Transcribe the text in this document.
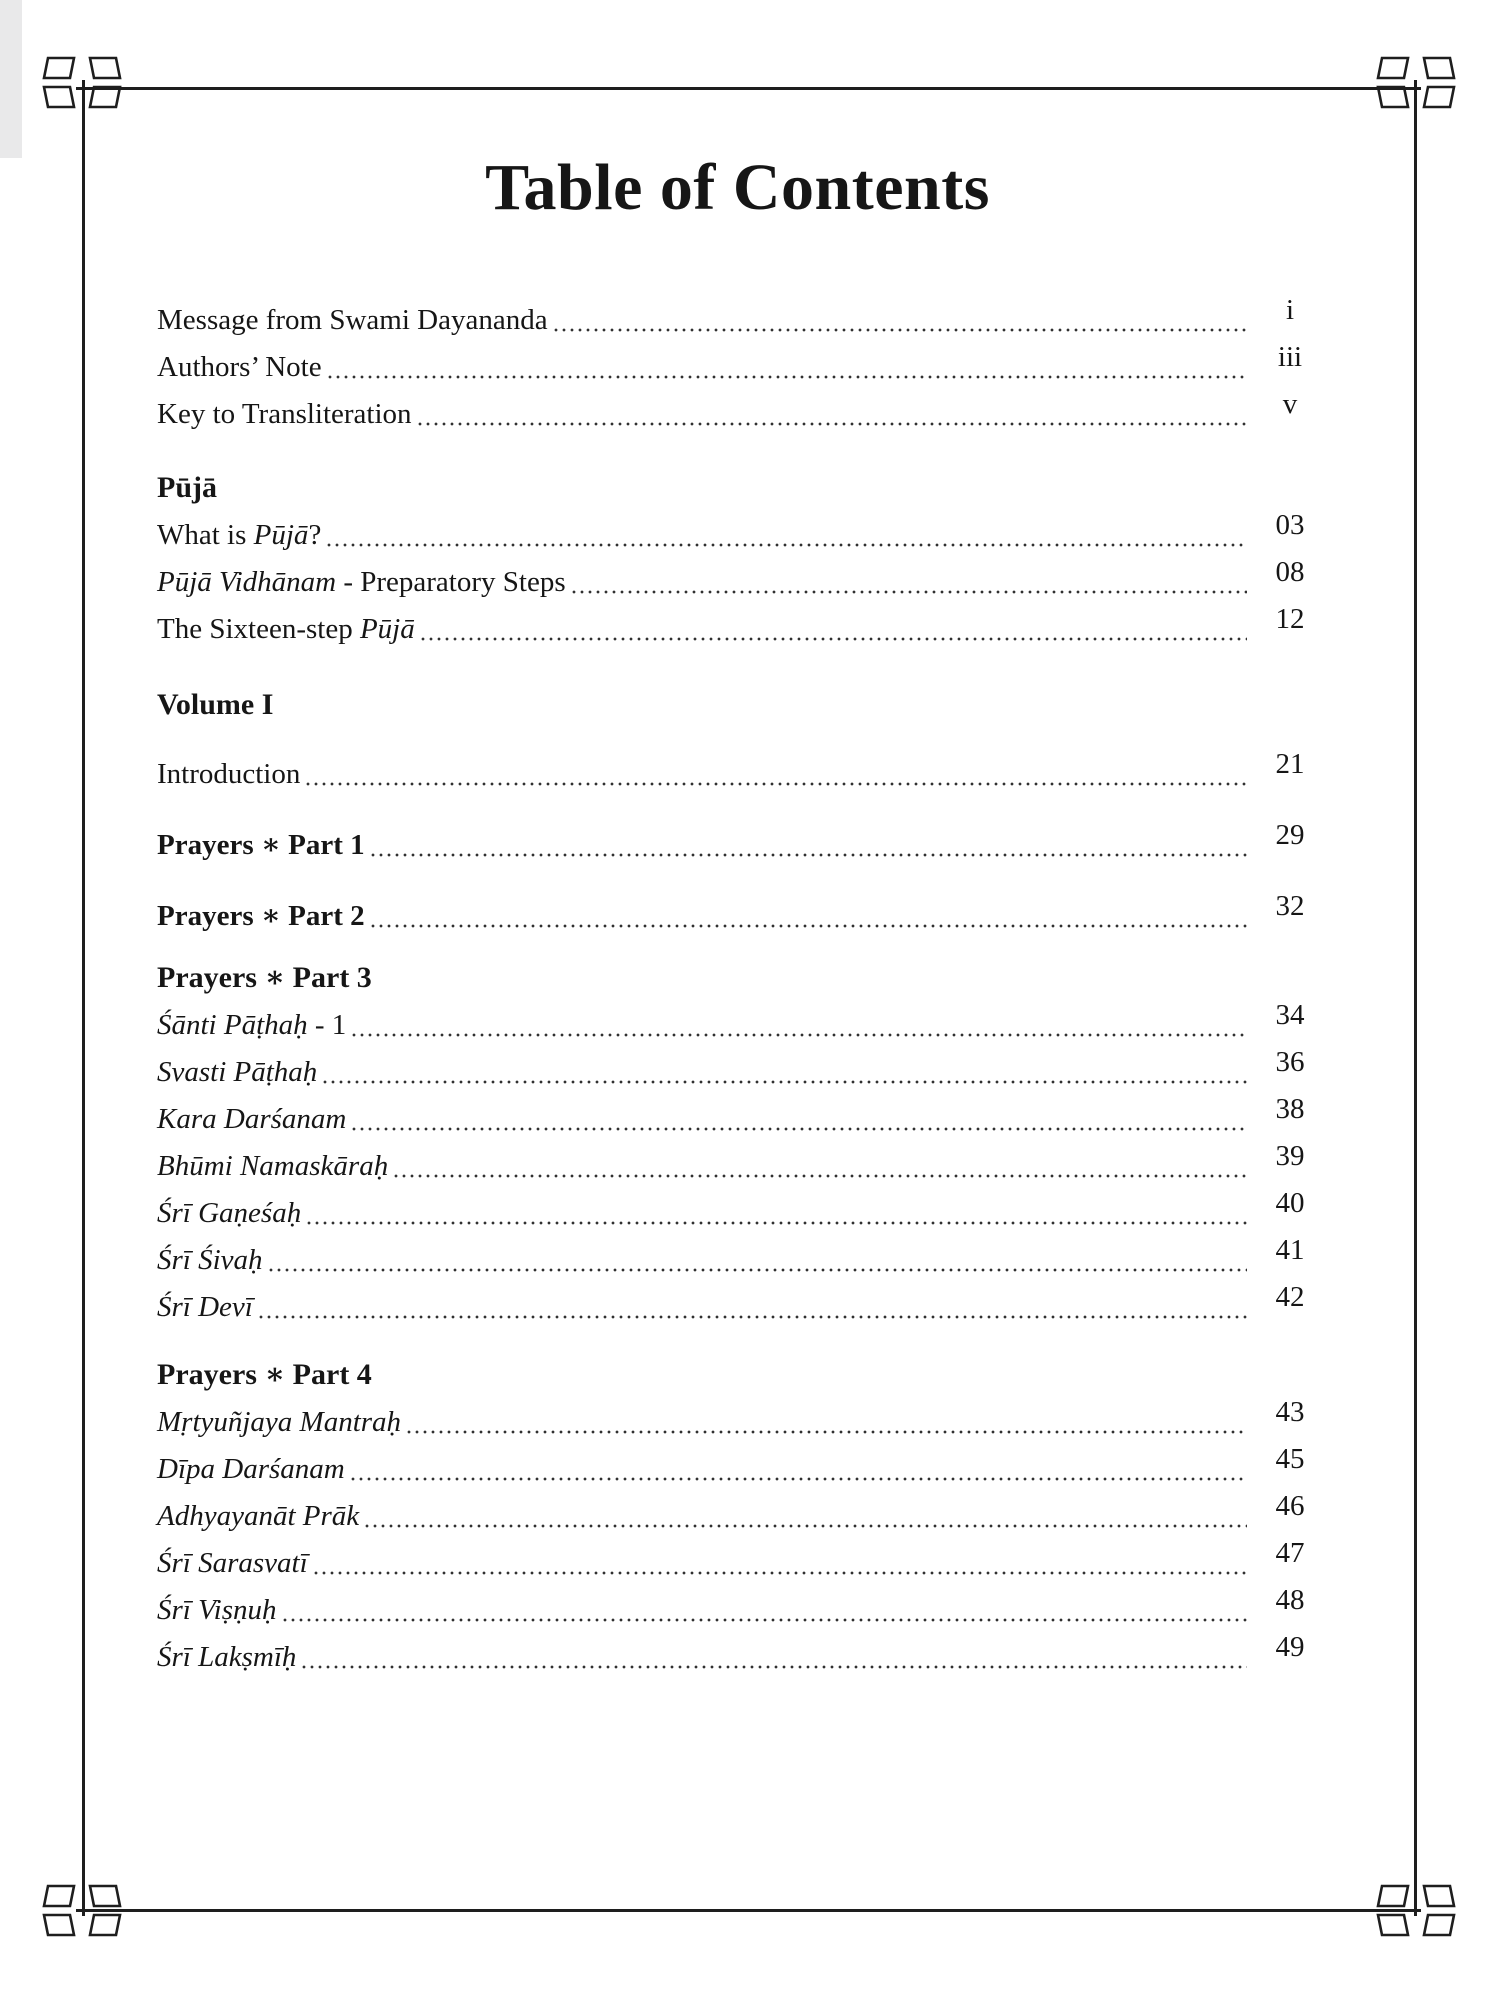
Table of Contents
Message from Swami Dayananda	i
Authors’ Note	iii
Key to Transliteration	v
Pūjā
What is Pūjā?	03
Pūjā Vidhānam - Preparatory Steps	08
The Sixteen-step Pūjā	12
Volume I
Introduction	21
Prayers ∗ Part 1	29
Prayers ∗ Part 2	32
Prayers ∗ Part 3
Śānti Pāṭhaḥ - 1	34
Svasti Pāṭhaḥ	36
Kara Darśanam	38
Bhūmi Namaskāraḥ	39
Śrī Gaṇeśaḥ	40
Śrī Śivaḥ	41
Śrī Devī	42
Prayers ∗ Part 4
Mṛtyuñjaya Mantraḥ	43
Dīpa Darśanam	45
Adhyayanāt Prāk	46
Śrī Sarasvatī	47
Śrī Viṣṇuḥ	48
Śrī Lakṣmīḥ	49
